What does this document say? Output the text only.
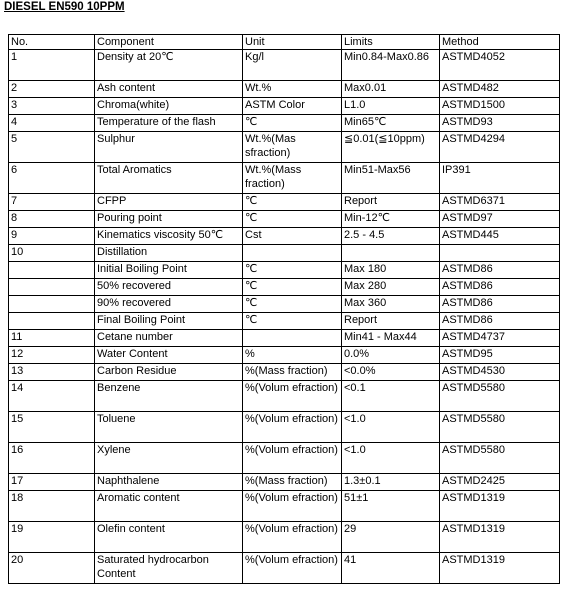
DIESEL EN590 10PPM
No.	Component	Unit	Limits	Method
1	Density at 20℃	Kg/l	Min0.84-Max0.86	ASTMD4052
2	Ash content	Wt.%	Max0.01	ASTMD482
3	Chroma(white)	ASTM Color	L1.0	ASTMD1500
4	Temperature of the flash	℃	Min65℃	ASTMD93
5	Sulphur	Wt.%(Mas sfraction)	≦0.01(≦10ppm)	ASTMD4294
6	Total Aromatics	Wt.%(Mass fraction)	Min51-Max56	IP391
7	CFPP	℃	Report	ASTMD6371
8	Pouring point	℃	Min-12℃	ASTMD97
9	Kinematics viscosity 50℃	Cst	2.5 - 4.5	ASTMD445
10	Distillation			
	Initial Boiling Point	℃	Max 180	ASTMD86
	50% recovered	℃	Max 280	ASTMD86
	90% recovered	℃	Max 360	ASTMD86
	Final Boiling Point	℃	Report	ASTMD86
11	Cetane number		Min41 - Max44	ASTMD4737
12	Water Content	%	0.0%	ASTMD95
13	Carbon Residue	%(Mass fraction)	<0.0%	ASTMD4530
14	Benzene	%(Volum efraction)	<0.1	ASTMD5580
15	Toluene	%(Volum efraction)	<1.0	ASTMD5580
16	Xylene	%(Volum efraction)	<1.0	ASTMD5580
17	Naphthalene	%(Mass fraction)	1.3±0.1	ASTMD2425
18	Aromatic content	%(Volum efraction)	51±1	ASTMD1319
19	Olefin content	%(Volum efraction)	29	ASTMD1319
20	Saturated hydrocarbon Content	%(Volum efraction)	41	ASTMD1319
